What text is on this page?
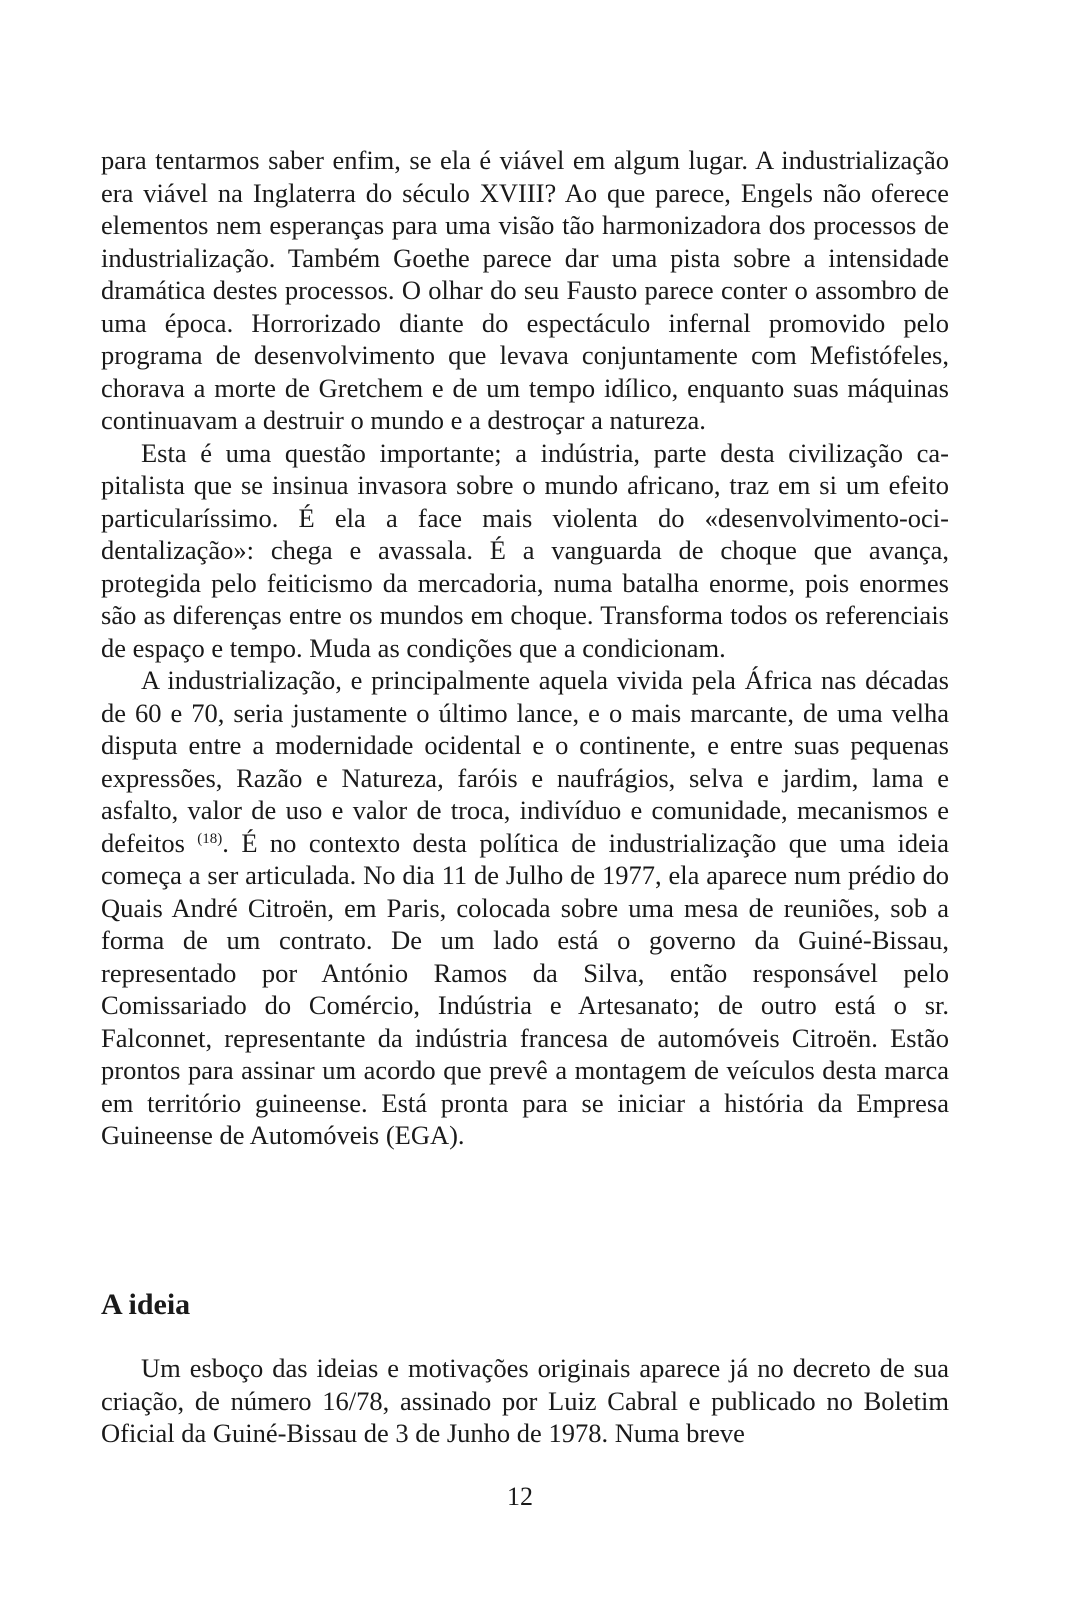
para tentarmos saber enfim, se ela é viável em algum lugar. A industrialização era viável na Inglaterra do século XVIII? Ao que parece, Engels não oferece elementos nem esperanças para uma visão tão harmonizadora dos processos de industrialização. Também Goethe parece dar uma pista sobre a intensidade dramática destes processos. O olhar do seu Fausto parece conter o assombro de uma época. Horrorizado diante do espectáculo infernal promovido pelo programa de desenvolvimento que levava conjuntamente com Mefistófeles, chorava a morte de Gretchem e de um tempo idílico, enquanto suas máquinas continuavam a destruir o mundo e a destroçar a natureza.

Esta é uma questão importante; a indústria, parte desta civilização capitalista que se insinua invasora sobre o mundo africano, traz em si um efeito particularíssimo. É ela a face mais violenta do «desenvolvimento-ocidentalização»: chega e avassala. É a vanguarda de choque que avança, protegida pelo feiticismo da mercadoria, numa batalha enorme, pois enormes são as diferenças entre os mundos em choque. Transforma todos os referenciais de espaço e tempo. Muda as condições que a condicionam.

A industrialização, e principalmente aquela vivida pela África nas décadas de 60 e 70, seria justamente o último lance, e o mais marcante, de uma velha disputa entre a modernidade ocidental e o continente, e entre suas pequenas expressões, Razão e Natureza, faróis e naufrágios, selva e jardim, lama e asfalto, valor de uso e valor de troca, indivíduo e comunidade, mecanismos e defeitos $^{(18)}$. É no contexto desta política de industrialização que uma ideia começa a ser articulada. No dia 11 de Julho de 1977, ela aparece num prédio do Quais André Citroën, em Paris, colocada sobre uma mesa de reuniões, sob a forma de um contrato. De um lado está o governo da Guiné-Bissau, representado por António Ramos da Silva, então responsável pelo Comissariado do Comércio, Indústria e Artesanato; de outro está o sr. Falconnet, representante da indústria francesa de automóveis Citroën. Estão prontos para assinar um acordo que prevê a montagem de veículos desta marca em território guineense. Está pronta para se iniciar a história da Empresa Guineense de Automóveis (EGA).

A ideia

Um esboço das ideias e motivações originais aparece já no decreto de sua criação, de número 16/78, assinado por Luiz Cabral e publicado no Boletim Oficial da Guiné-Bissau de 3 de Junho de 1978. Numa breve

12
